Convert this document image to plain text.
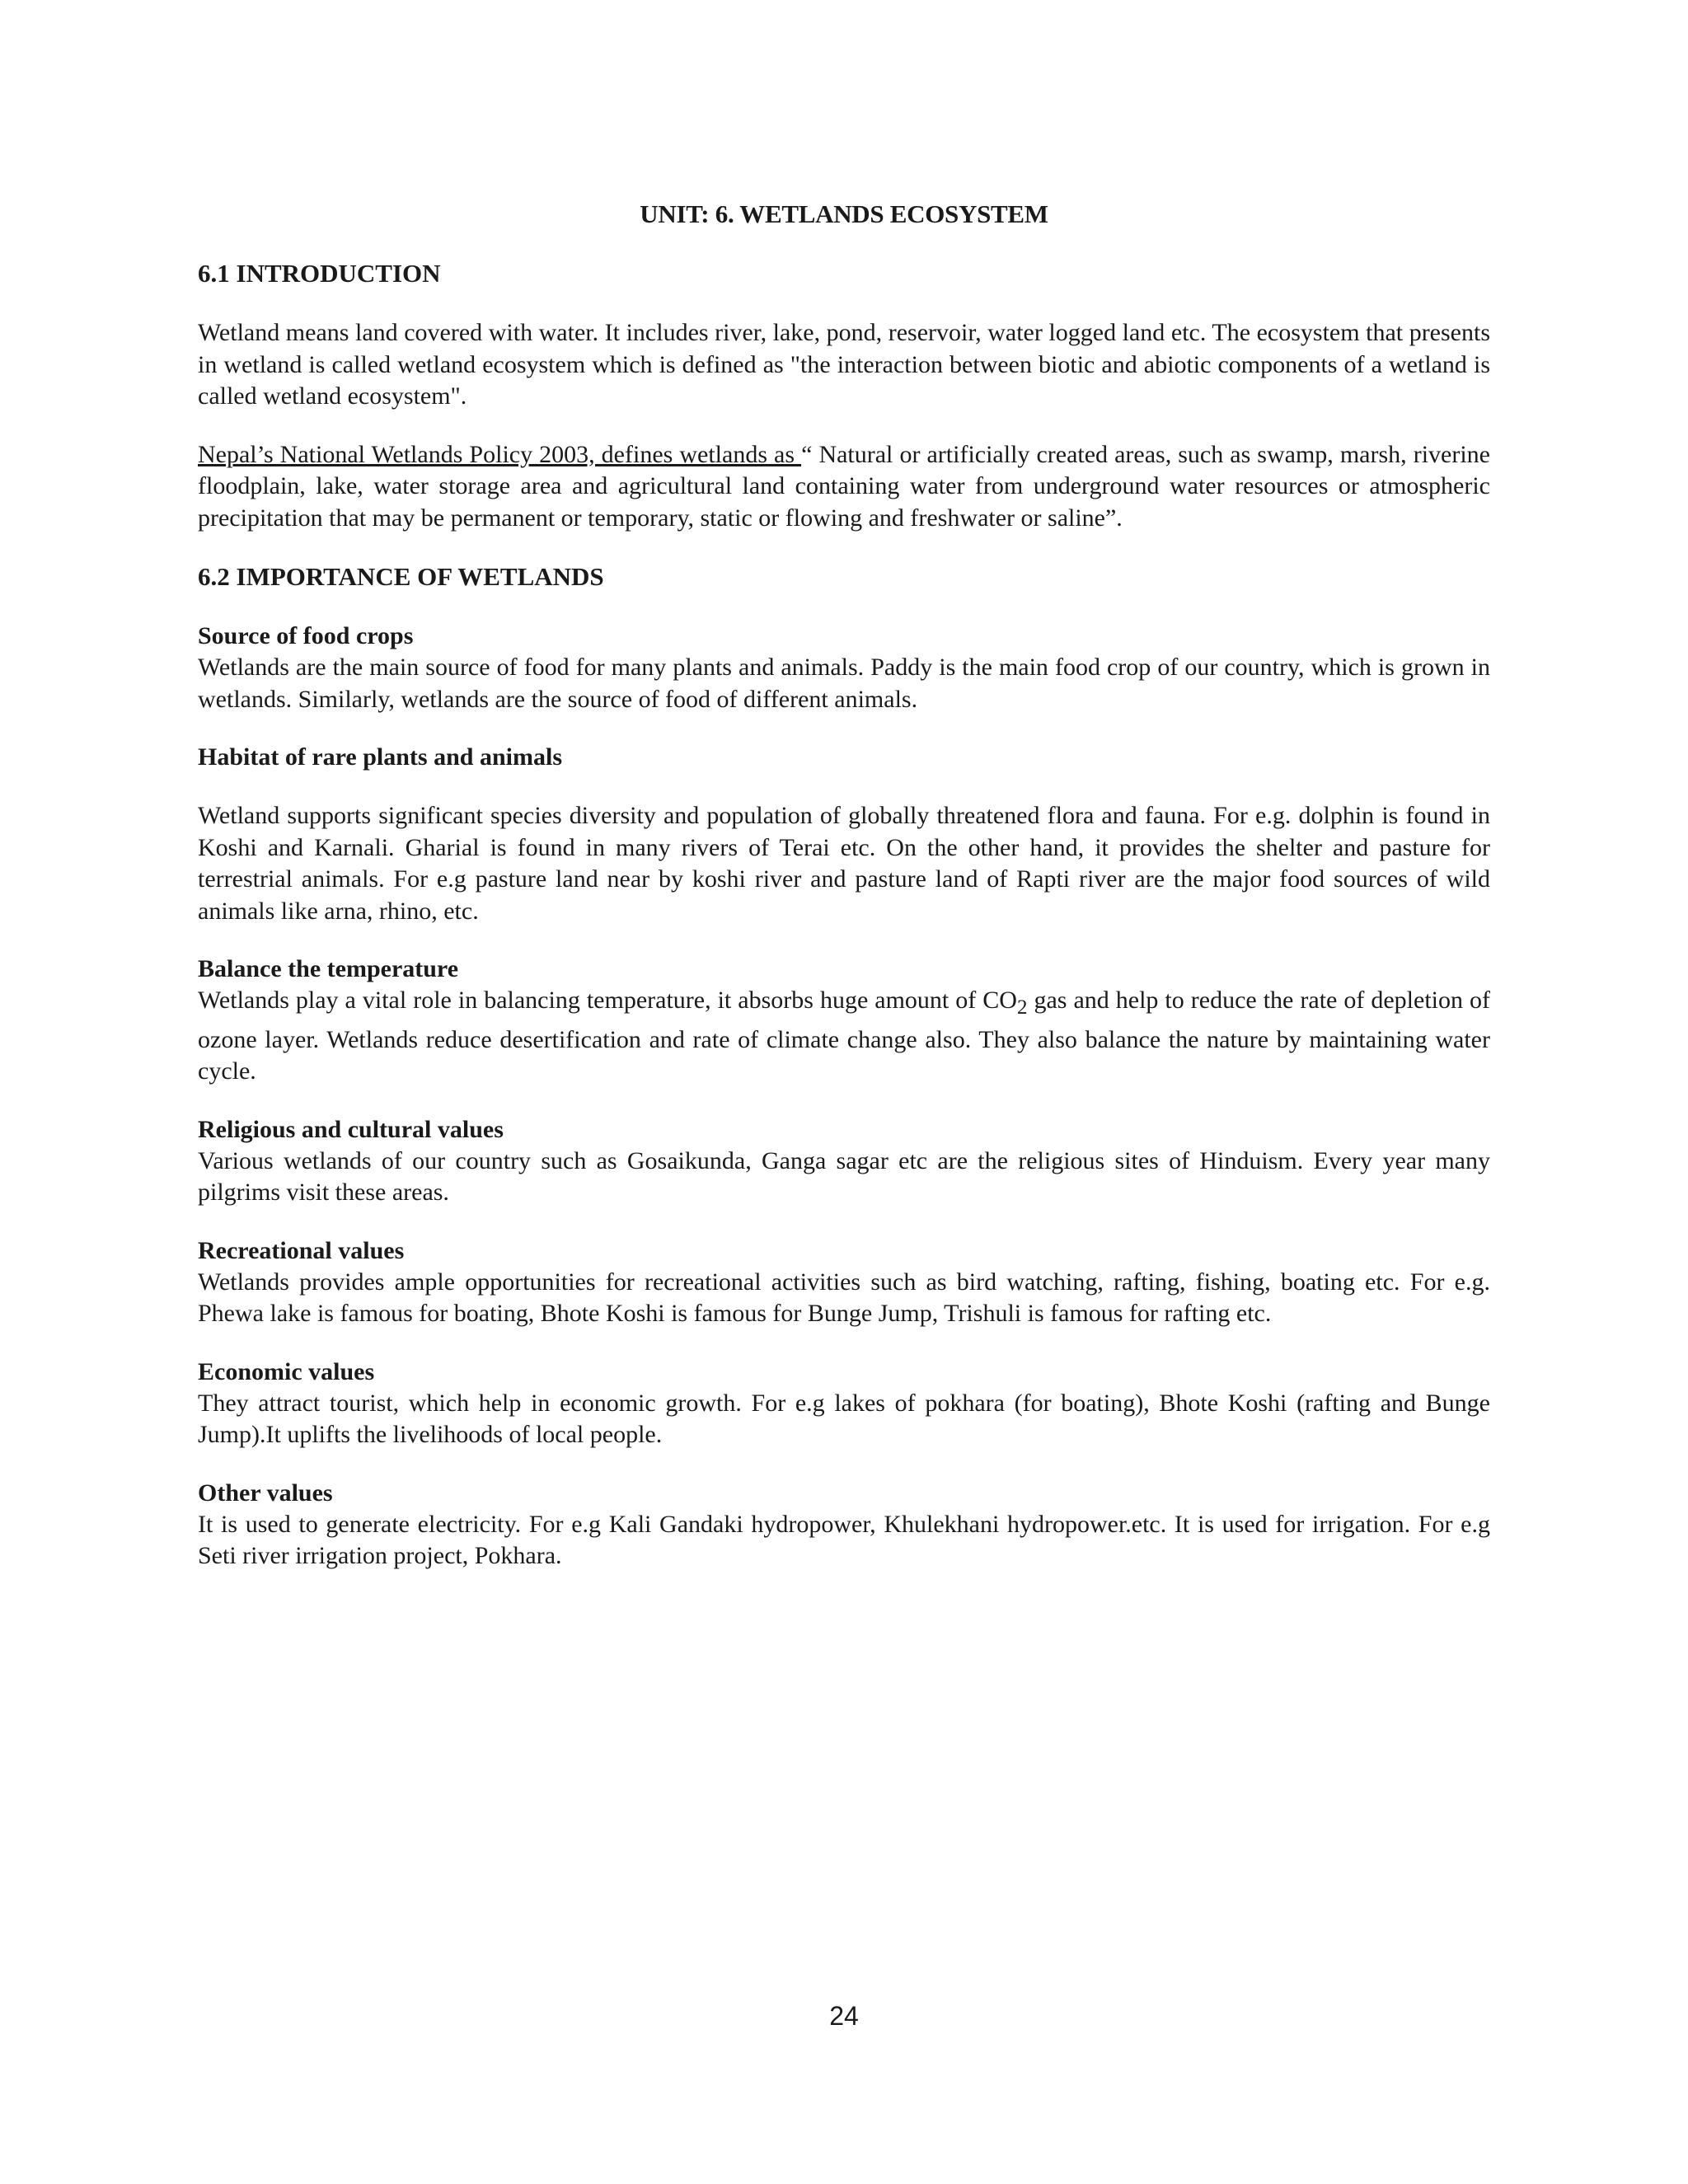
UNIT: 6. WETLANDS ECOSYSTEM
6.1 INTRODUCTION

Wetland means land covered with water. It includes river, lake, pond, reservoir, water logged land etc. The ecosystem that presents in wetland is called wetland ecosystem which is defined as "the interaction between biotic and abiotic components of a wetland is called wetland ecosystem".

Nepal’s National Wetlands Policy 2003, defines wetlands as “ Natural or artificially created areas, such as swamp, marsh, riverine floodplain, lake, water storage area and agricultural land containing water from underground water resources or atmospheric precipitation that may be permanent or temporary, static or flowing and freshwater or saline”.

6.2 IMPORTANCE OF WETLANDS
Source of food crops

Wetlands are the main source of food for many plants and animals. Paddy is the main food crop of our country, which is grown in wetlands. Similarly, wetlands are the source of food of different animals.

Habitat of rare plants and animals

Wetland supports significant species diversity and population of globally threatened flora and fauna. For e.g. dolphin is found in Koshi and Karnali. Gharial is found in many rivers of Terai etc. On the other hand, it provides the shelter and pasture for terrestrial animals. For e.g pasture land near by koshi river and pasture land of Rapti river are the major food sources of wild animals like arna, rhino, etc.

Balance the temperature

Wetlands play a vital role in balancing temperature, it absorbs huge amount of $CO_2$ gas and help to reduce the rate of depletion of ozone layer. Wetlands reduce desertification and rate of climate change also. They also balance the nature by maintaining water cycle.

Religious and cultural values

Various wetlands of our country such as Gosaikunda, Ganga sagar etc are the religious sites of Hinduism. Every year many pilgrims visit these areas.

Recreational values

Wetlands provides ample opportunities for recreational activities such as bird watching, rafting, fishing, boating etc. For e.g. Phewa lake is famous for boating, Bhote Koshi is famous for Bunge Jump, Trishuli is famous for rafting etc.

Economic values

They attract tourist, which help in economic growth. For e.g lakes of pokhara (for boating), Bhote Koshi (rafting and Bunge Jump).It uplifts the livelihoods of local people.

Other values

It is used to generate electricity. For e.g Kali Gandaki hydropower, Khulekhani hydropower.etc. It is used for irrigation. For e.g Seti river irrigation project, Pokhara.

24
